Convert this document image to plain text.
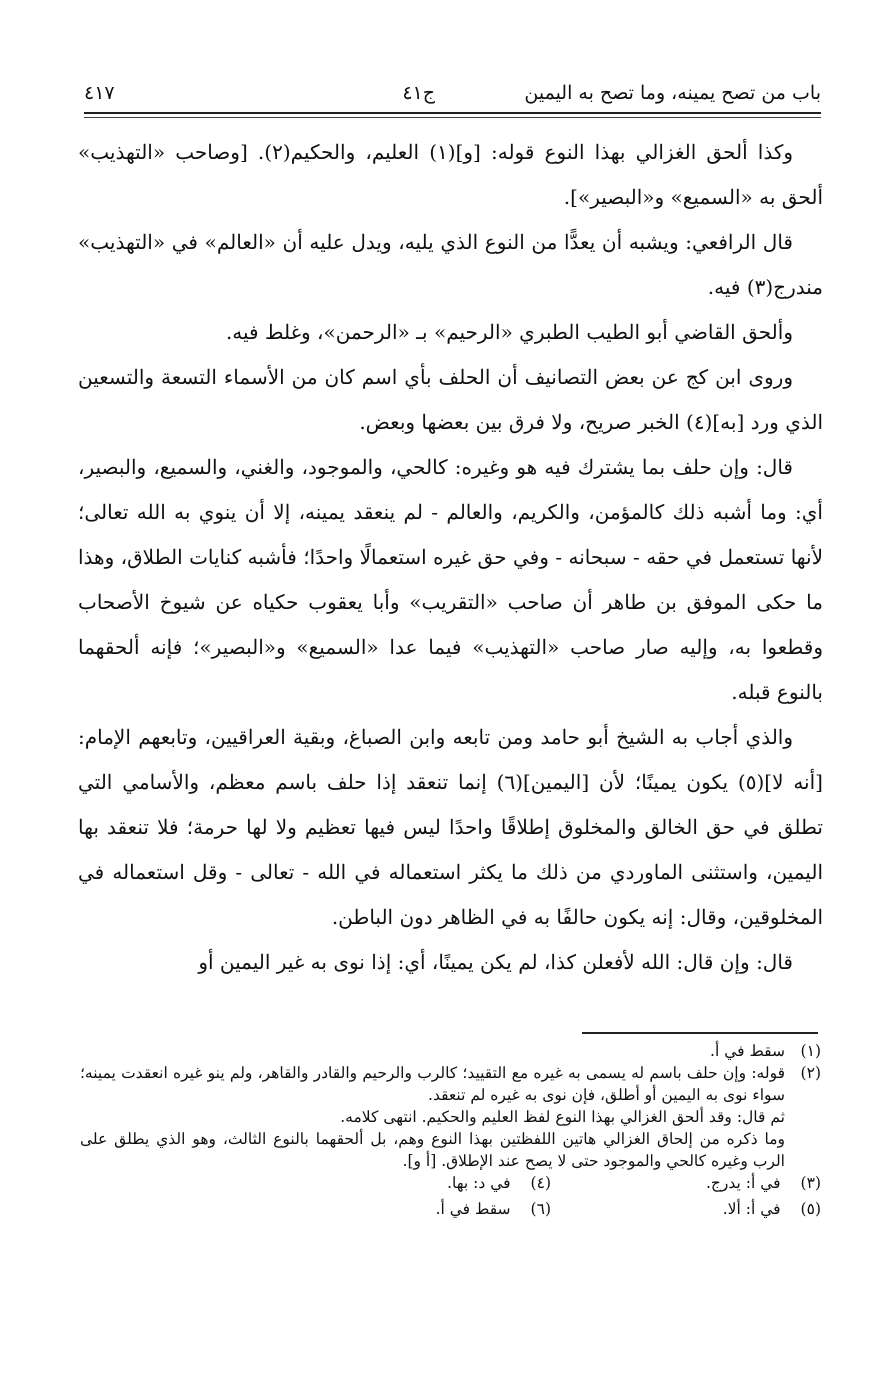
باب من تصح يمينه، وما تصح به اليمين
ج٤١
٤١٧

وكذا ألحق الغزالي بهذا النوع قوله: [و](١) العليم، والحكيم(٢). [وصاحب «التهذيب» ألحق به «السميع» و«البصير»].

قال الرافعي: ويشبه أن يعدًّا من النوع الذي يليه، ويدل عليه أن «العالم» في «التهذيب» مندرج(٣) فيه.

وألحق القاضي أبو الطيب الطبري «الرحيم» بـ «الرحمن»، وغلط فيه.

وروى ابن كج عن بعض التصانيف أن الحلف بأي اسم كان من الأسماء التسعة والتسعين الذي ورد [به](٤) الخبر صريح، ولا فرق بين بعضها وبعض.

قال: وإن حلف بما يشترك فيه هو وغيره: كالحي، والموجود، والغني، والسميع، والبصير، أي: وما أشبه ذلك كالمؤمن، والكريم، والعالم - لم ينعقد يمينه، إلا أن ينوي به الله تعالى؛ لأنها تستعمل في حقه - سبحانه - وفي حق غيره استعمالًا واحدًا؛ فأشبه كنايات الطلاق، وهذا ما حكى الموفق بن طاهر أن صاحب «التقريب» وأبا يعقوب حكياه عن شيوخ الأصحاب وقطعوا به، وإليه صار صاحب «التهذيب» فيما عدا «السميع» و«البصير»؛ فإنه ألحقهما بالنوع قبله.

والذي أجاب به الشيخ أبو حامد ومن تابعه وابن الصباغ، وبقية العراقيين، وتابعهم الإمام: [أنه لا](٥) يكون يمينًا؛ لأن [اليمين](٦) إنما تنعقد إذا حلف باسم معظم، والأسامي التي تطلق في حق الخالق والمخلوق إطلاقًا واحدًا ليس فيها تعظيم ولا لها حرمة؛ فلا تنعقد بها اليمين، واستثنى الماوردي من ذلك ما يكثر استعماله في الله - تعالى - وقل استعماله في المخلوقين، وقال: إنه يكون حالفًا به في الظاهر دون الباطن.

قال: وإن قال: الله لأفعلن كذا، لم يكن يمينًا، أي: إذا نوى به غير اليمين أو

(١)
سقط في أ.
(٢)
قوله: وإن حلف باسم له يسمى به غيره مع التقييد؛ كالرب والرحيم والقادر والقاهر، ولم ينو غيره انعقدت يمينه؛ سواء نوى به اليمين أو أطلق، فإن نوى به غيره لم تنعقد.
ثم قال: وقد ألحق الغزالي بهذا النوع لفظ العليم والحكيم. انتهى كلامه.
وما ذكره من إلحاق الغزالي هاتين اللفظتين بهذا النوع وهم، بل ألحقهما بالنوع الثالث، وهو الذي يطلق على الرب وغيره كالحي والموجود حتى لا يصح عند الإطلاق. [أ و].
(٣)في أ: يدرج.
(٤)في د: بها.
(٥)في أ: ألا.
(٦)سقط في أ.
